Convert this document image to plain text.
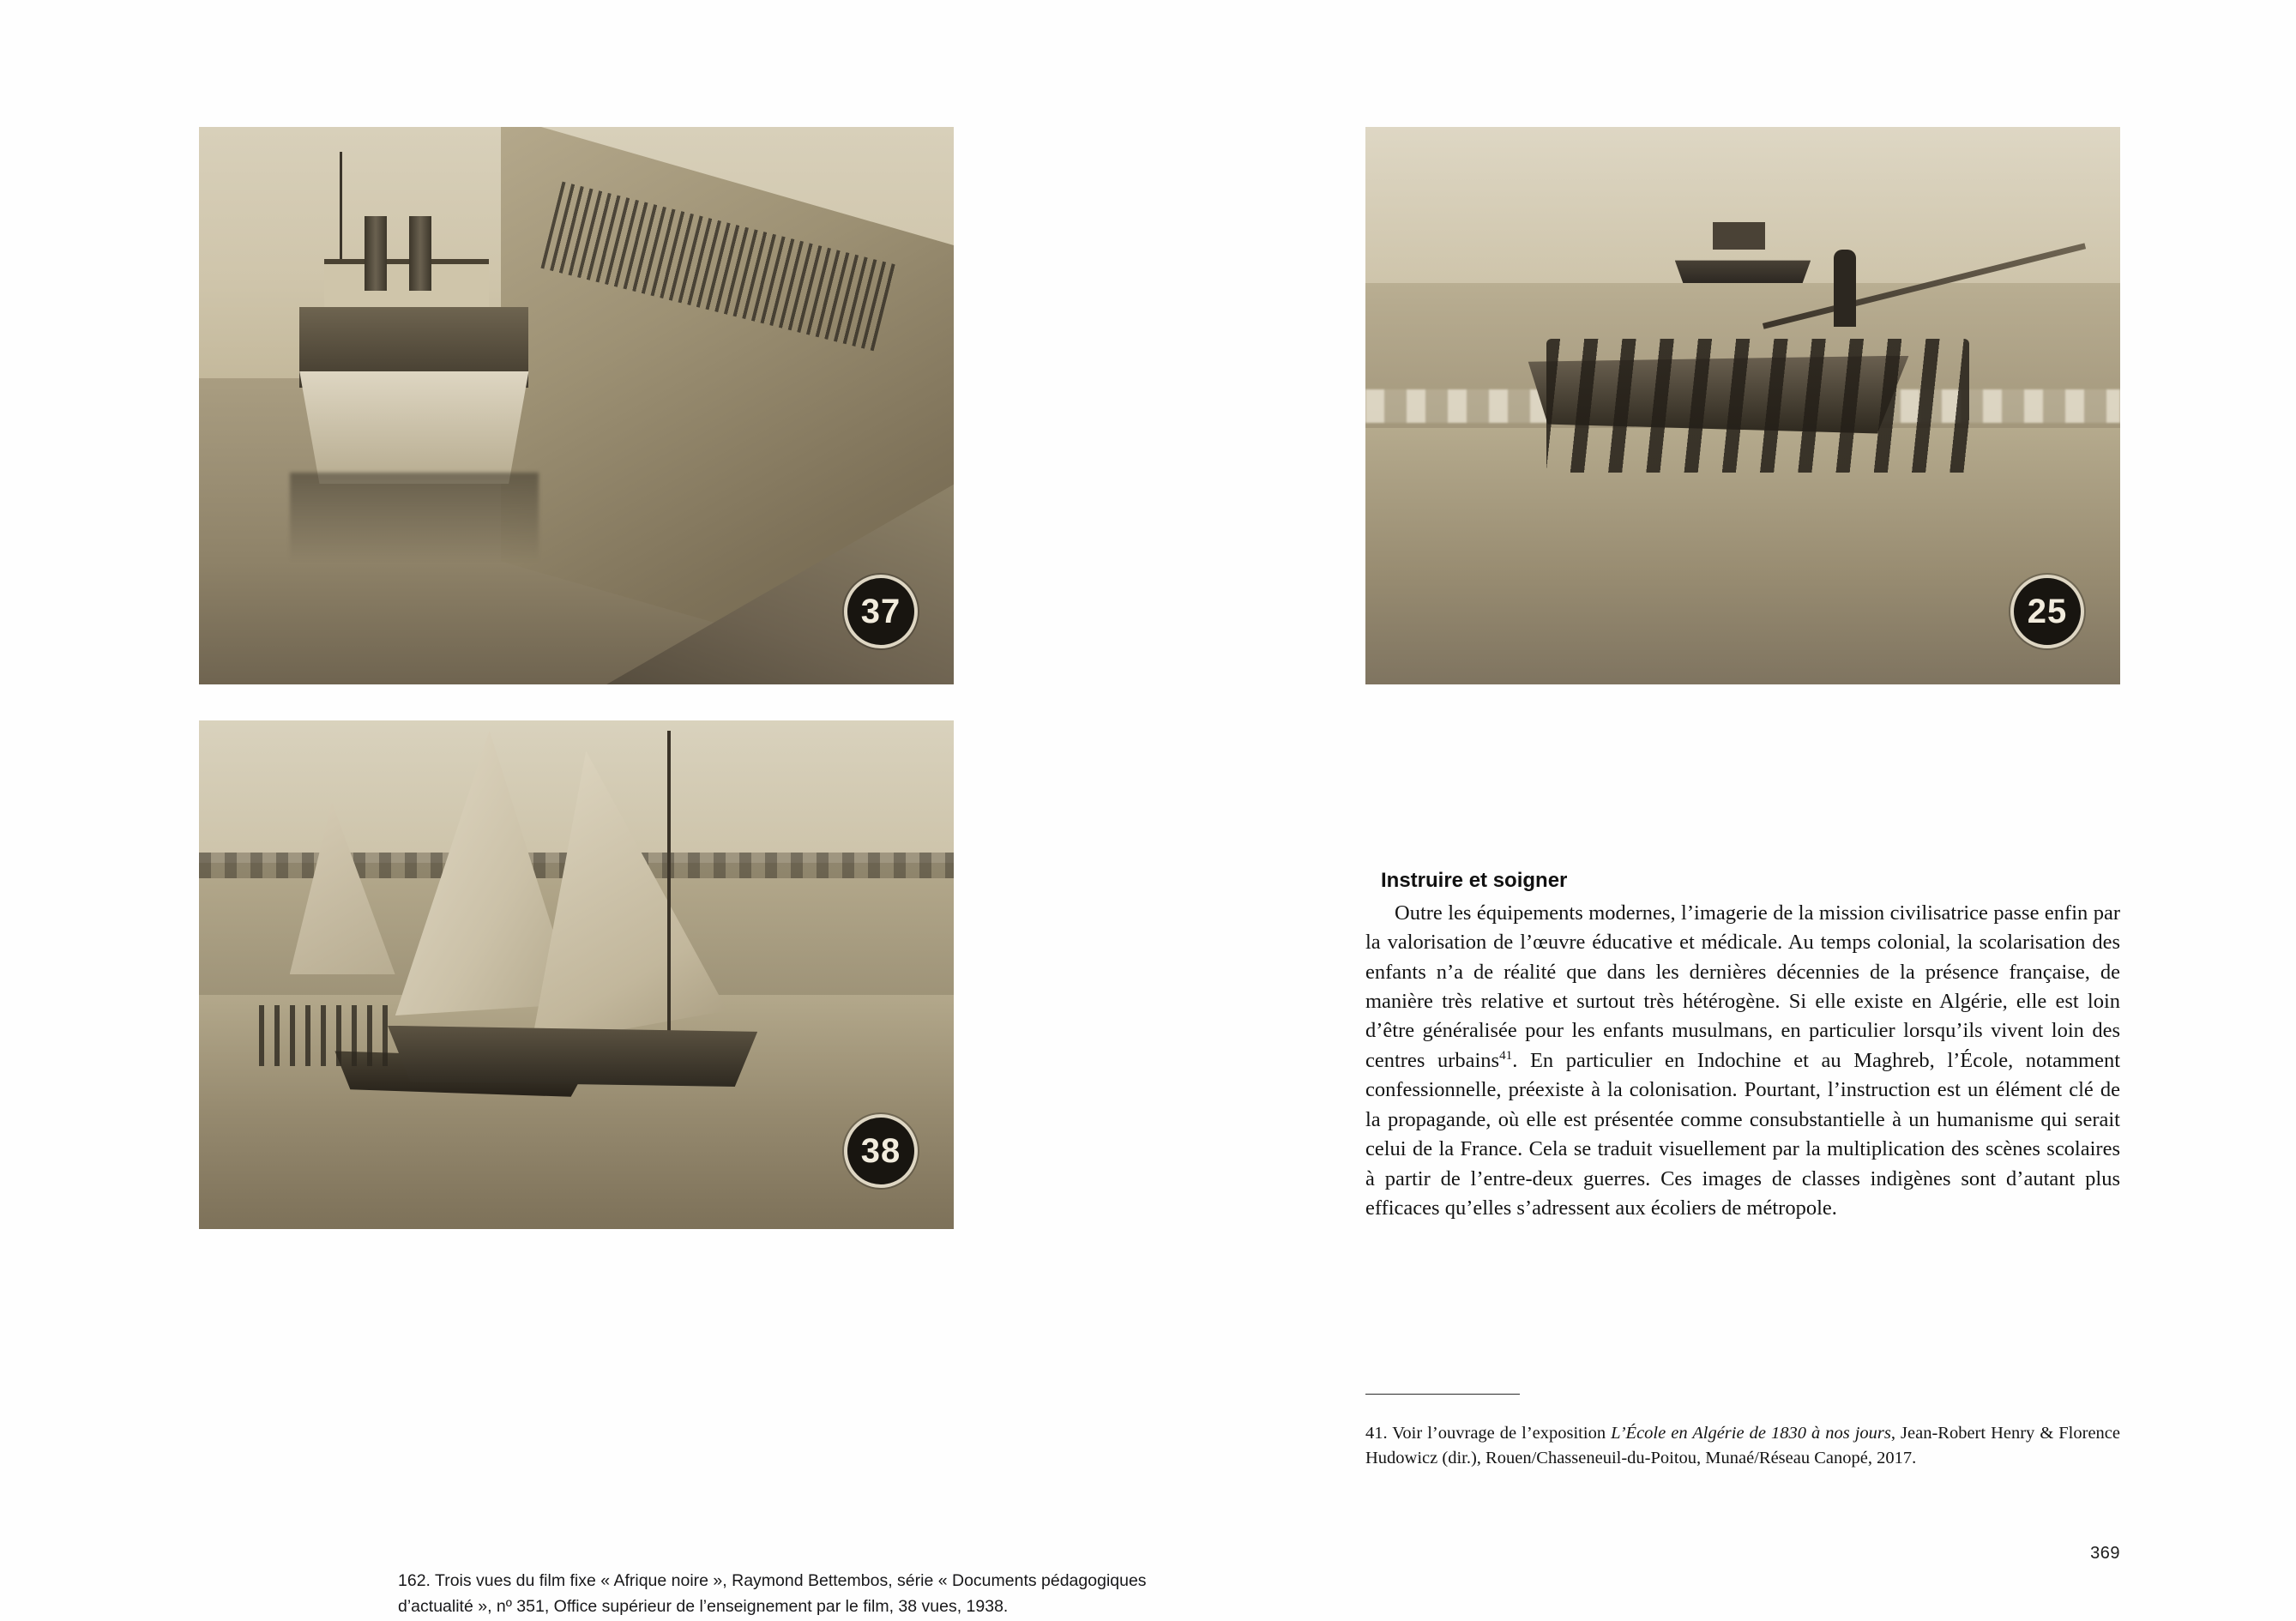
37
38
162. Trois vues du film fixe « Afrique noire », Raymond Bettembos, série « Documents pédagogiques d’actualité », nº 351, Office supérieur de l’enseignement par le film, 38 vues, 1938.
25
Instruire et soigner

Outre les équipements modernes, l’imagerie de la mission civilisatrice passe enfin par la valorisation de l’œuvre éducative et médicale. Au temps colonial, la scolarisation des enfants n’a de réalité que dans les dernières décennies de la présence française, de manière très relative et surtout très hétérogène. Si elle existe en Algérie, elle est loin d’être généralisée pour les enfants musulmans, en particulier lorsqu’ils vivent loin des centres urbains$^{41}$. En particulier en Indochine et au Maghreb, l’École, notamment confessionnelle, préexiste à la colonisation. Pourtant, l’instruction est un élément clé de la propagande, où elle est présentée comme consubstantielle à un humanisme qui serait celui de la France. Cela se traduit visuellement par la multiplication des scènes scolaires à partir de l’entre-deux guerres. Ces images de classes indigènes sont d’autant plus efficaces qu’elles s’adressent aux écoliers de métropole.

41. Voir l’ouvrage de l’exposition L’École en Algérie de 1830 à nos jours, Jean-Robert Henry & Florence Hudowicz (dir.), Rouen/Chasseneuil-du-Poitou, Munaé/Réseau Canopé, 2017.
369
